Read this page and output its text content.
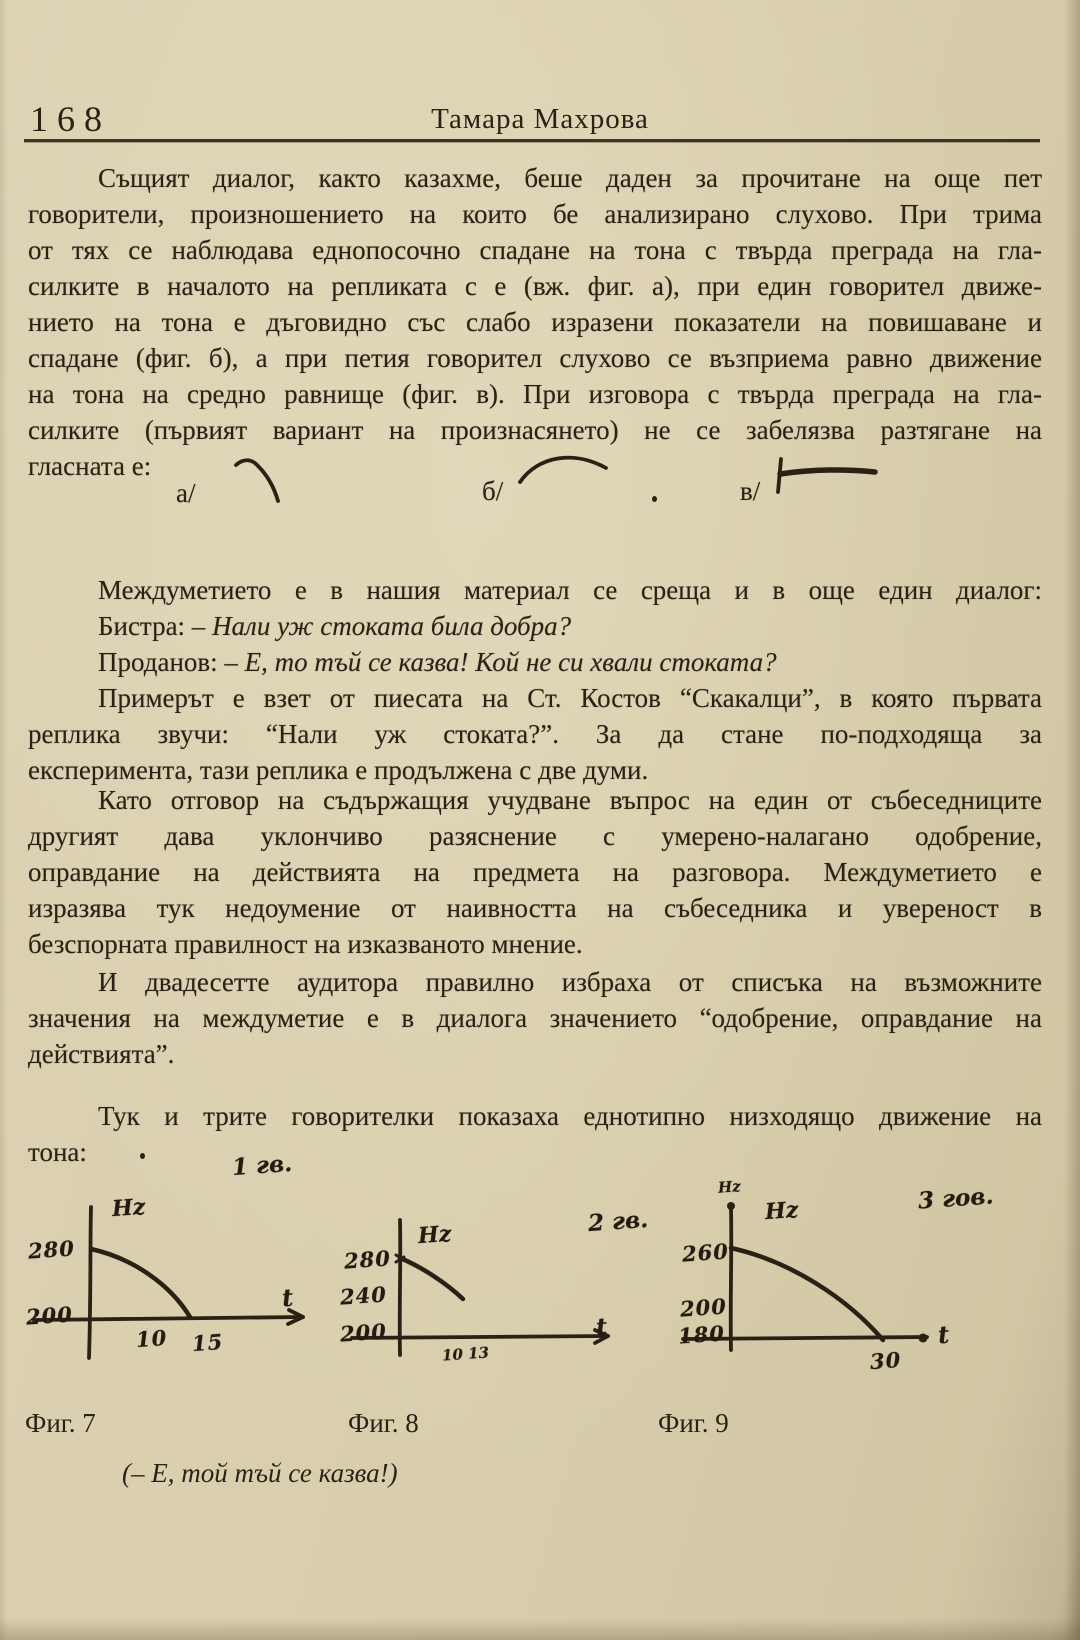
168	Тамара Махрова
Същият диалог, както казахме, беше даден за прочитане на още пет
говорители, произношението на които бе анализирано слухово. При трима
от тях се наблюдава еднопосочно спадане на тона с твърда преграда на гла-
силките в началото на репликата с е (вж. фиг. а), при един говорител движе-
нието на тона е дъговидно със слабо изразени показатели на повишаване и
спадане (фиг. б), а при петия говорител слухово се възприема равно движение
на тона на средно равнище (фиг. в). При изговора с твърда преграда на гла-
силките (първият вариант на произнасянето) не се забелязва разтягане на
гласната е:
а/	б/	в/
Междуметието е в нашия материал се среща и в още един диалог:
Бистра: – Нали уж стоката била добра?
Проданов: – Е, то тъй се казва! Кой не си хвали стоката?
Примерът е взет от пиесата на Ст. Костов “Скакалци”, в която първата
реплика звучи: “Нали уж стоката?”. За да стане по-подходяща за
експеримента, тази реплика е продължена с две думи.
Като отговор на съдържащия учудване въпрос на един от събеседниците
другият дава уклончиво разяснение с умерено-налагано одобрение,
оправдание на действията на предмета на разговора. Междуметието е
изразява тук недоумение от наивността на събеседника и увереност в
безспорната правилност на изказваното мнение.
И двадесетте аудитора правилно избраха от списъка на възможните
значения на междуметие е в диалога значението “одобрение, оправдание на
действията”.
Тук и трите говорителки показаха еднотипно низходящо движение на
тона:	1 гв.
Hz
280
200
10 15
t
2 гв.
Hz
280
240
200
10 13
t
Hz
Hz	3 гов.
260
200
180
30
t
Фиг. 7	Фиг. 8	Фиг. 9
(– Е, той тъй се казва!)
